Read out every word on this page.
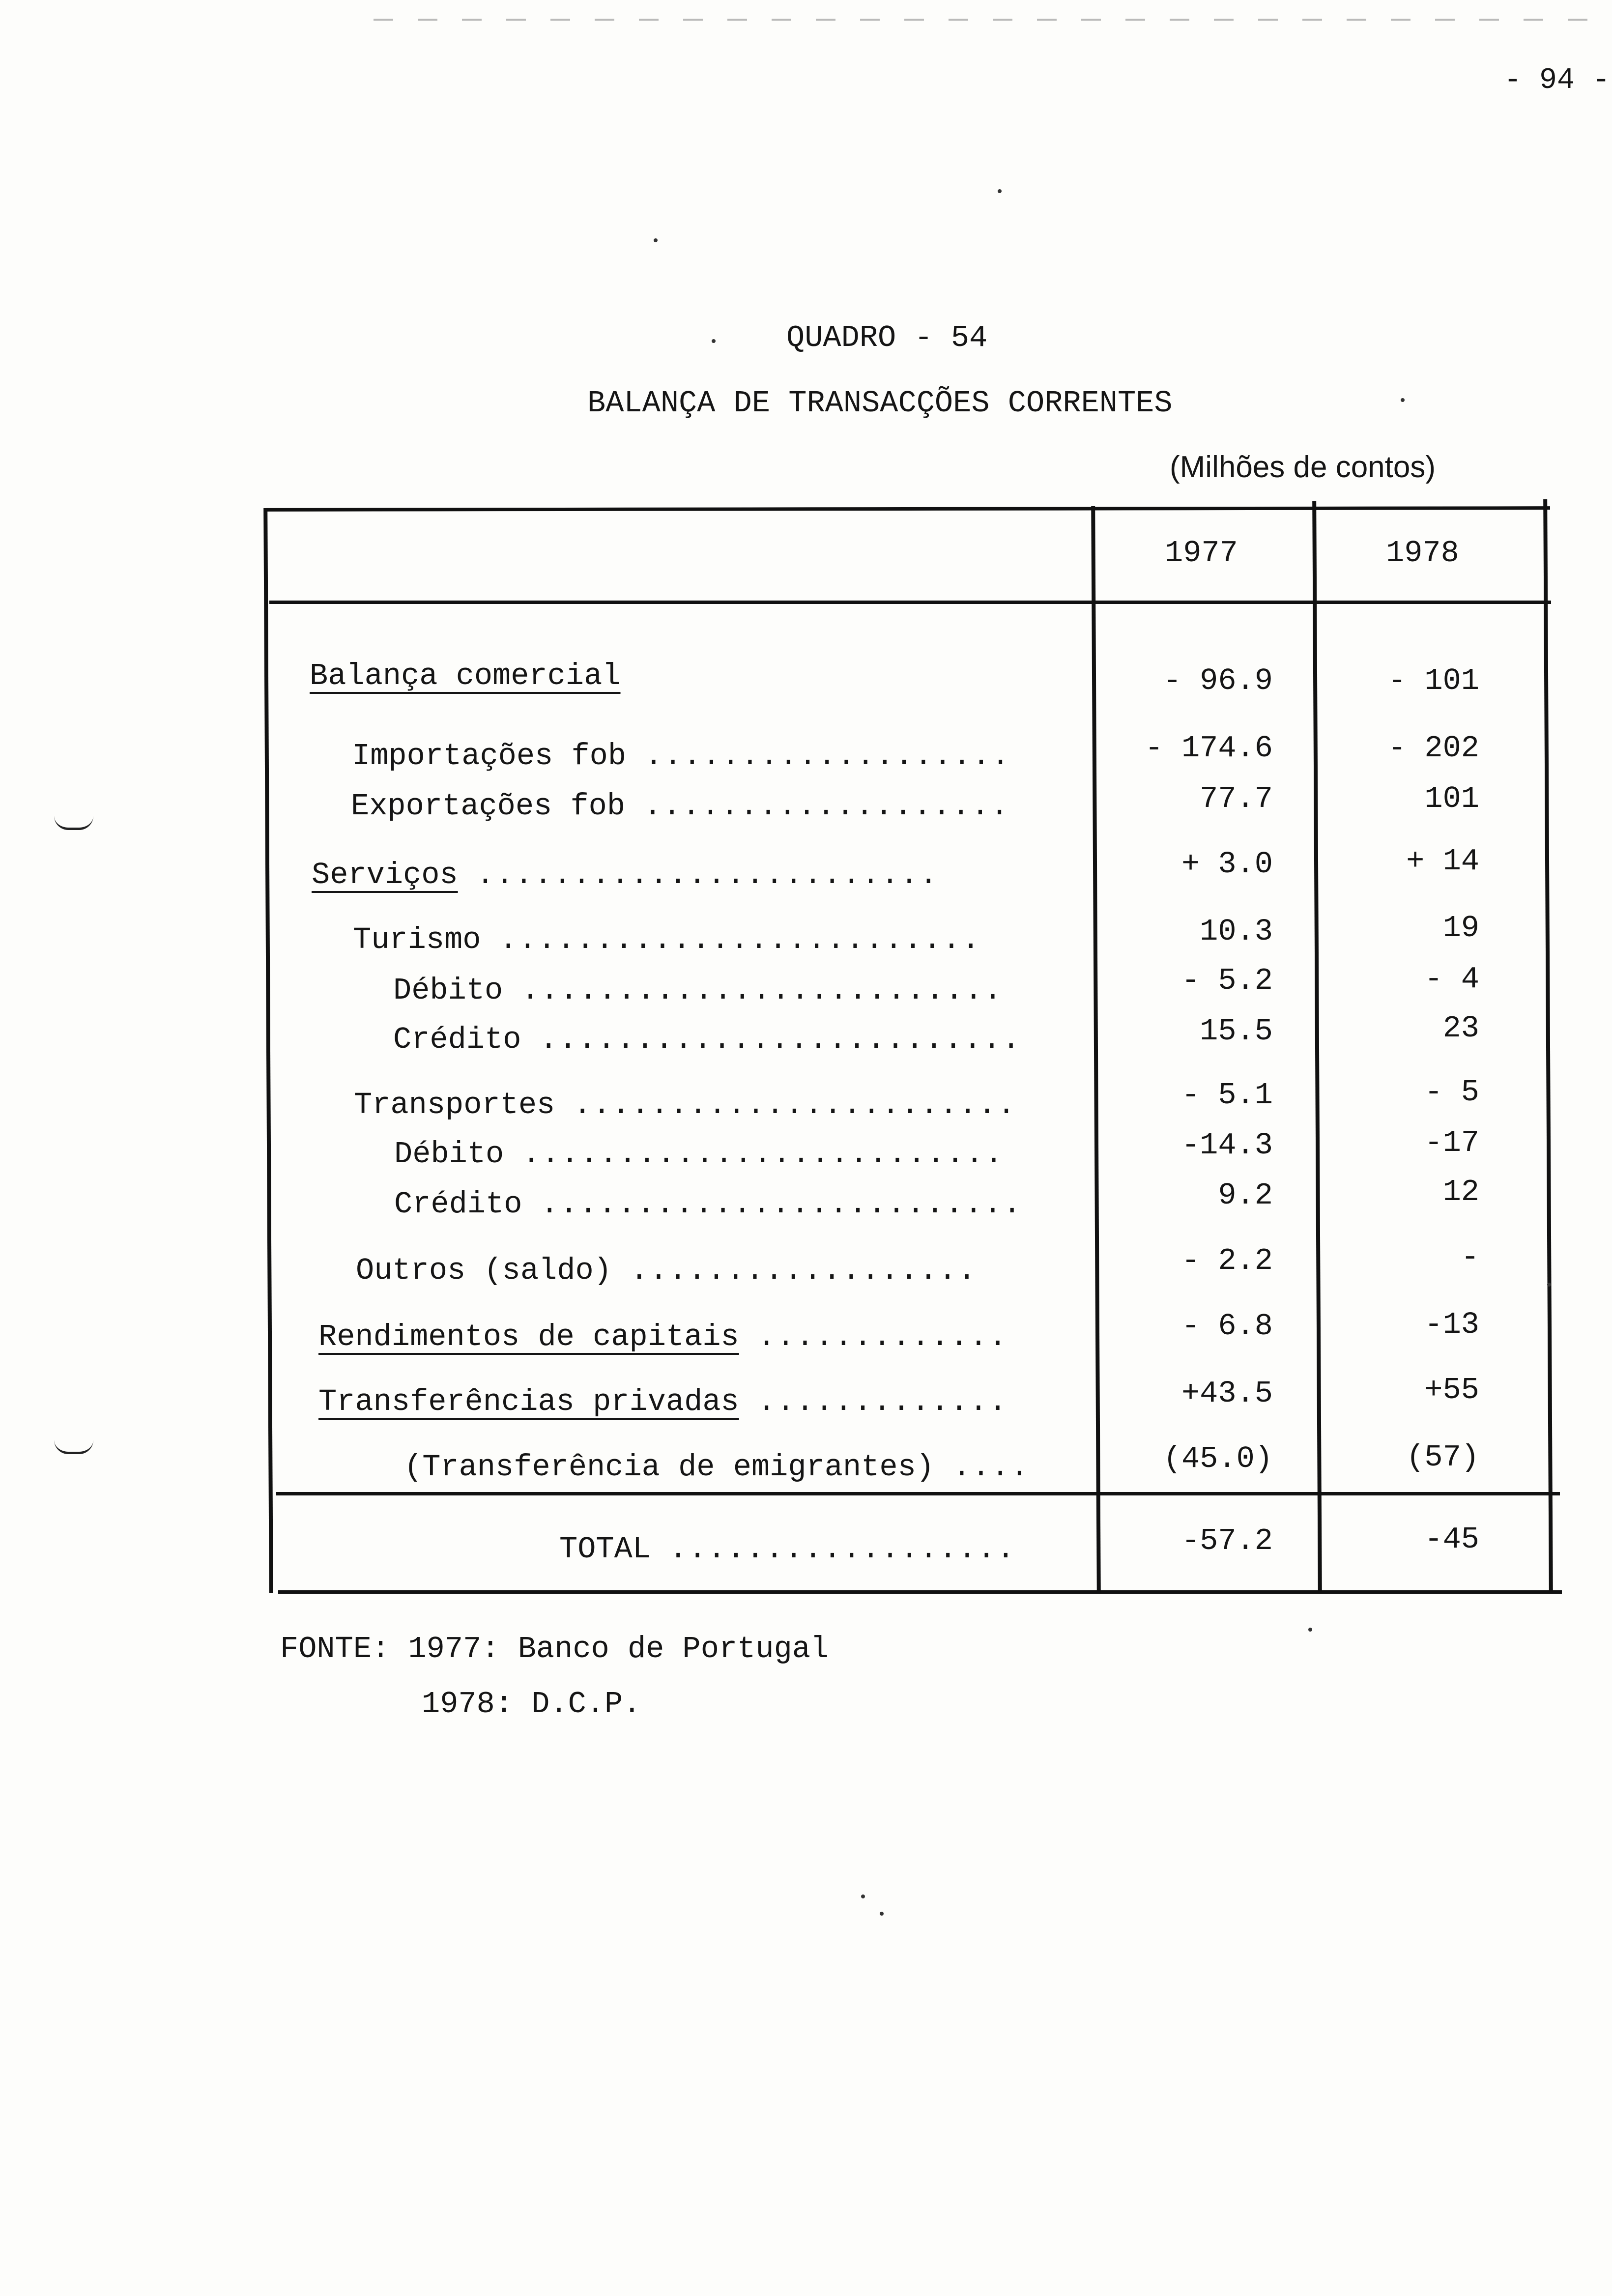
- 94 -
QUADRO - 54
BALANÇA DE TRANSACÇÕES CORRENTES
(Milhões de contos)
1977	1978
Balança comercial	- 96.9	- 101
Importações fob ...................	- 174.6	- 202
Exportações fob ...................	77.7	101
Serviços ........................	+ 3.0	+ 14
Turismo .........................	10.3	19
Débito .........................	- 5.2	- 4
Crédito .........................	15.5	23
Transportes .......................	- 5.1	- 5
Débito .........................	-14.3	-17
Crédito .........................	9.2	12
Outros (saldo) ..................	- 2.2	-
Rendimentos de capitais .............	- 6.8	-13
Transferências privadas .............	+43.5	+55
(Transferência de emigrantes) ....	(45.0)	(57)
TOTAL ..................	-57.2	-45
FONTE: 1977: Banco de Portugal
1978: D.C.P.
